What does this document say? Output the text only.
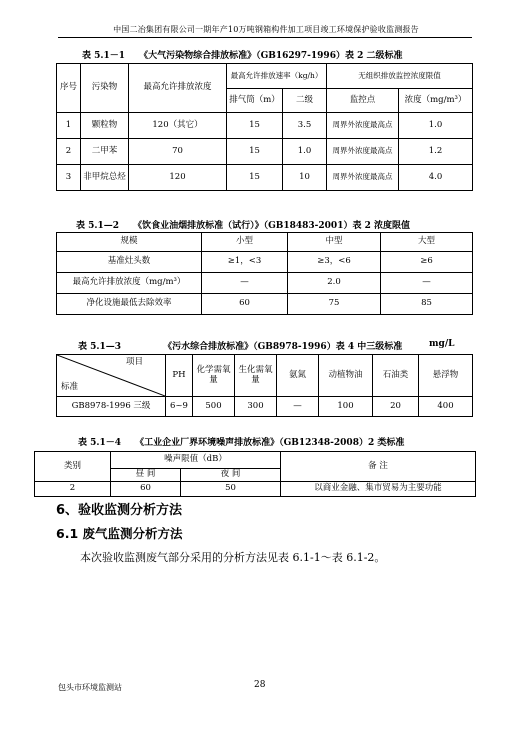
中国二冶集团有限公司一期年产10万吨钢箱构件加工项目竣工环境保护验收监测报告
表 5.1－1 《大气污染物综合排放标准》（GB16297-1996）表 2 二级标准
序号	污染物	最高允许排放浓度	最高允许排放速率（kg/h）		无组织排放监控浓度限值	
			排气筒（m）	二级	监控点	浓度（mg/m³）
1	颗粒物	120（其它）	15	3.5	周界外浓度最高点	1.0
2	二甲苯	70	15	1.0	周界外浓度最高点	1.2
3	非甲烷总烃	120	15	10	周界外浓度最高点	4.0
表 5.1—2 《饮食业油烟排放标准（试行）》（GB18483-2001）表 2 浓度限值
规模	小型	中型	大型
基准灶头数	≥1，<3	≥3，<6	≥6
最高允许排放浓度（mg/m³）	—	2.0	—
净化设施最低去除效率	60	75	85
表 5.1—3	《污水综合排放标准》（GB8978-1996）表 4 中三级标准	mg/L
项目
标准	PH	化学需氧量	生化需氧量	氨氮	动植物油	石油类	悬浮物
GB8978-1996 三级	6~9	500	300	—	100	20	400
表 5.1－4 《工业企业厂界环境噪声排放标准》（GB12348-2008）2 类标准
类别	噪声限值（dB）		备 注
	昼 间	夜 间	
2	60	50	以商业金融、集市贸易为主要功能
6、验收监测分析方法
6.1 废气监测分析方法
本次验收监测废气部分采用的分析方法见表 6.1-1～表 6.1-2。
包头市环境监测站	28
